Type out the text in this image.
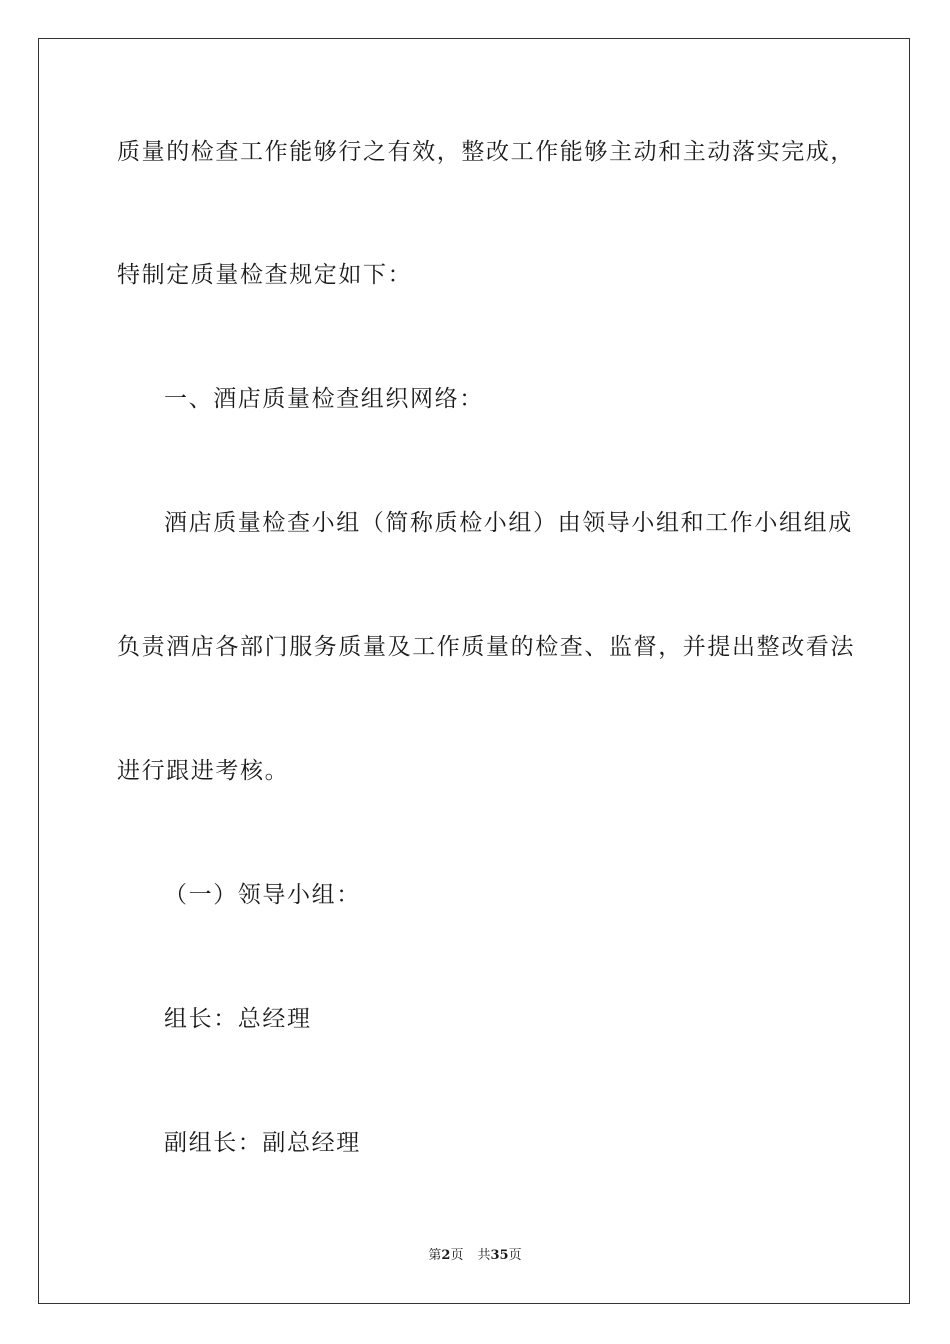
质量的检查工作能够行之有效，整改工作能够主动和主动落实完成，
特制定质量检查规定如下：
一、酒店质量检查组织网络：
酒店质量检查小组（简称质检小组）由领导小组和工作小组组成
负责酒店各部门服务质量及工作质量的检查、监督，并提出整改看法
进行跟进考核。
（一）领导小组：
组长：总经理
副组长：副总经理
第2页 共35页
